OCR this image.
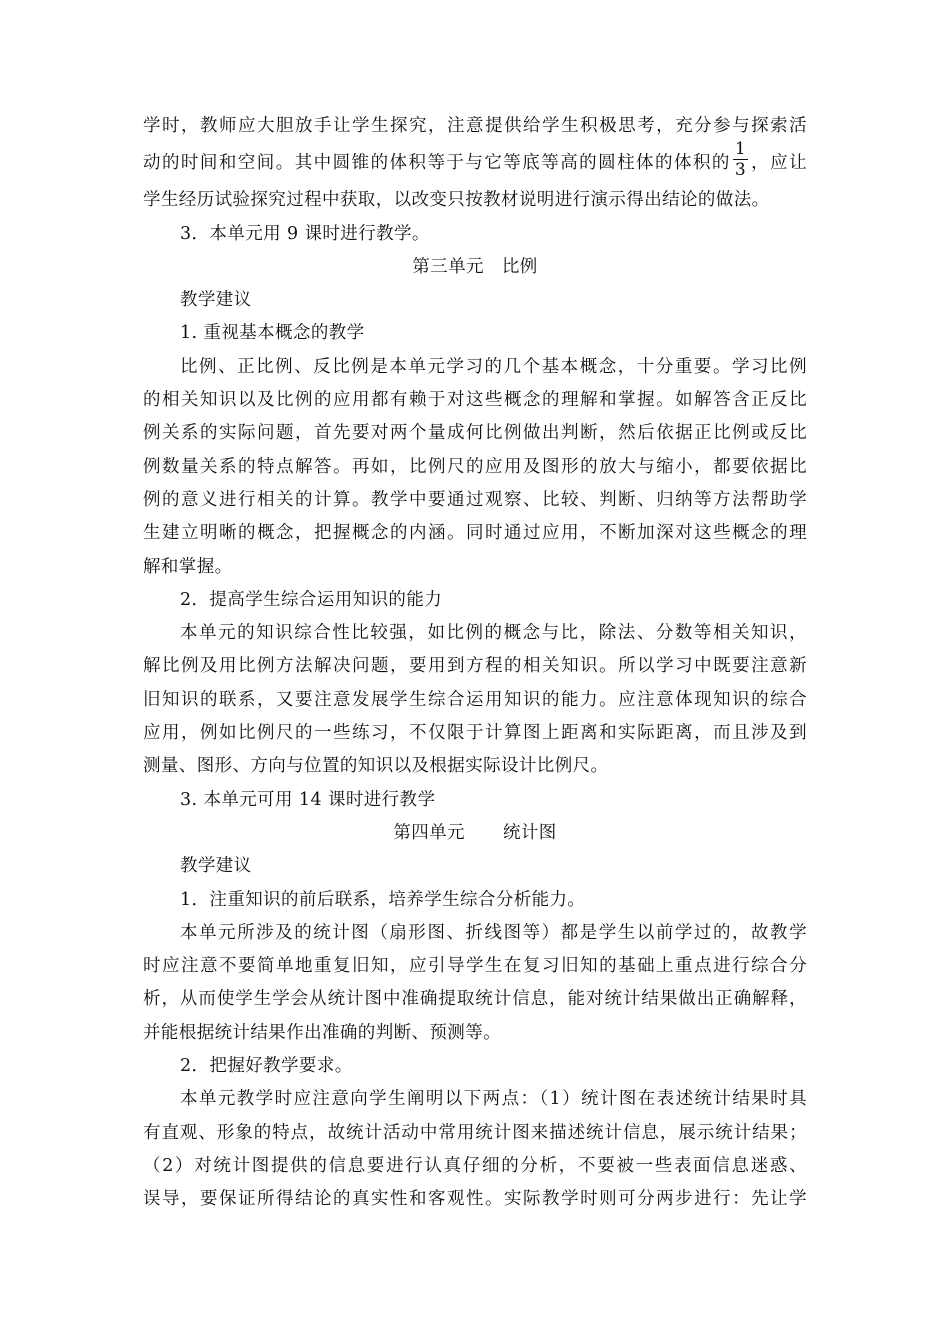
学时，教师应大胆放手让学生探究，注意提供给学生积极思考，充分参与探索活

动的时间和空间。其中圆锥的体积等于与它等底等高的圆柱体的体积的 $\frac{1}{3}$ ，应让

学生经历试验探究过程中获取，以改变只按教材说明进行演示得出结论的做法。

3．本单元用 9 课时进行教学。

第三单元 比例

教学建议

1. 重视基本概念的教学

比例、正比例、反比例是本单元学习的几个基本概念，十分重要。学习比例

的相关知识以及比例的应用都有赖于对这些概念的理解和掌握。如解答含正反比

例关系的实际问题，首先要对两个量成何比例做出判断，然后依据正比例或反比

例数量关系的特点解答。再如，比例尺的应用及图形的放大与缩小，都要依据比

例的意义进行相关的计算。教学中要通过观察、比较、判断、归纳等方法帮助学

生建立明晰的概念，把握概念的内涵。同时通过应用，不断加深对这些概念的理

解和掌握。

2．提高学生综合运用知识的能力

本单元的知识综合性比较强，如比例的概念与比，除法、分数等相关知识，

解比例及用比例方法解决问题，要用到方程的相关知识。所以学习中既要注意新

旧知识的联系，又要注意发展学生综合运用知识的能力。应注意体现知识的综合

应用，例如比例尺的一些练习，不仅限于计算图上距离和实际距离，而且涉及到

测量、图形、方向与位置的知识以及根据实际设计比例尺。

3. 本单元可用 14 课时进行教学

第四单元 统计图

教学建议

1．注重知识的前后联系，培养学生综合分析能力。

本单元所涉及的统计图（扇形图、折线图等）都是学生以前学过的，故教学

时应注意不要简单地重复旧知，应引导学生在复习旧知的基础上重点进行综合分

析，从而使学生学会从统计图中准确提取统计信息，能对统计结果做出正确解释，

并能根据统计结果作出准确的判断、预测等。

2．把握好教学要求。

本单元教学时应注意向学生阐明以下两点：（1）统计图在表述统计结果时具

有直观、形象的特点，故统计活动中常用统计图来描述统计信息，展示统计结果；

（2）对统计图提供的信息要进行认真仔细的分析，不要被一些表面信息迷惑、

误导，要保证所得结论的真实性和客观性。实际教学时则可分两步进行：先让学
